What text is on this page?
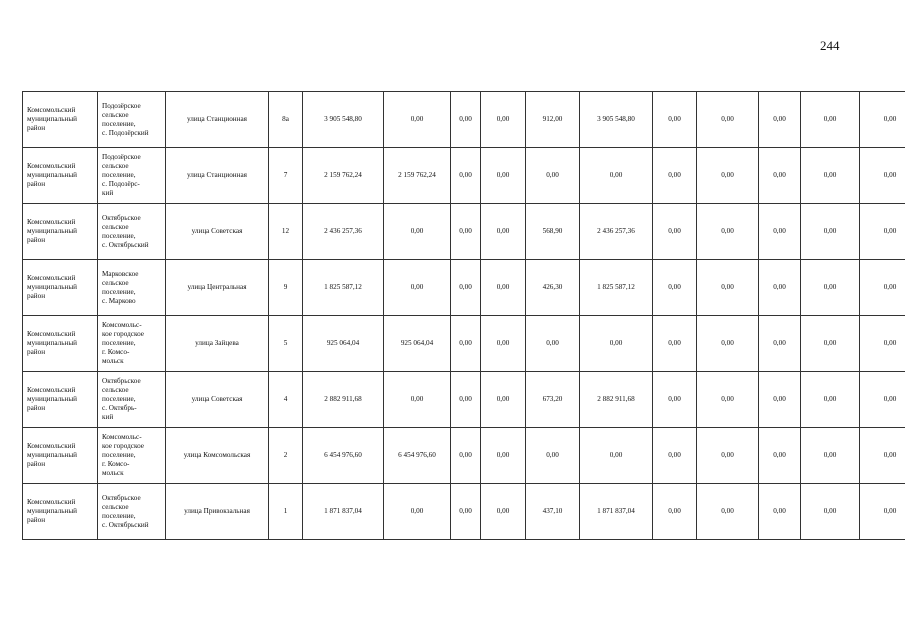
244
Комсомольский
муниципальный
район	Подозёрское
сельское
поселение,
с. Подозёрский	улица Станционная	8а	3 905 548,80	0,00	0,00	0,00	912,00	3 905 548,80	0,00	0,00	0,00	0,00	0,00
Комсомольский
муниципальный
район	Подозёрское
сельское
поселение,
с. Подозёрс-
кий	улица Станционная	7	2 159 762,24	2 159 762,24	0,00	0,00	0,00	0,00	0,00	0,00	0,00	0,00	0,00
Комсомольский
муниципальный
район	Октябрьское
сельское
поселение,
с. Октябрьский	улица Советская	12	2 436 257,36	0,00	0,00	0,00	568,90	2 436 257,36	0,00	0,00	0,00	0,00	0,00
Комсомольский
муниципальный
район	Марковское
сельское
поселение,
с. Марково	улица Центральная	9	1 825 587,12	0,00	0,00	0,00	426,30	1 825 587,12	0,00	0,00	0,00	0,00	0,00
Комсомольский
муниципальный
район	Комсомольс-
кое городское
поселение,
г. Комсо-
мольск	улица Зайцева	5	925 064,04	925 064,04	0,00	0,00	0,00	0,00	0,00	0,00	0,00	0,00	0,00
Комсомольский
муниципальный
район	Октябрьское
сельское
поселение,
с. Октябрь-
кий	улица Советская	4	2 882 911,68	0,00	0,00	0,00	673,20	2 882 911,68	0,00	0,00	0,00	0,00	0,00
Комсомольский
муниципальный
район	Комсомольс-
кое городское
поселение,
г. Комсо-
мольск	улица Комсомольская	2	6 454 976,60	6 454 976,60	0,00	0,00	0,00	0,00	0,00	0,00	0,00	0,00	0,00
Комсомольский
муниципальный
район	Октябрьское
сельское
поселение,
с. Октябрьский	улица Привокзальная	1	1 871 837,04	0,00	0,00	0,00	437,10	1 871 837,04	0,00	0,00	0,00	0,00	0,00
